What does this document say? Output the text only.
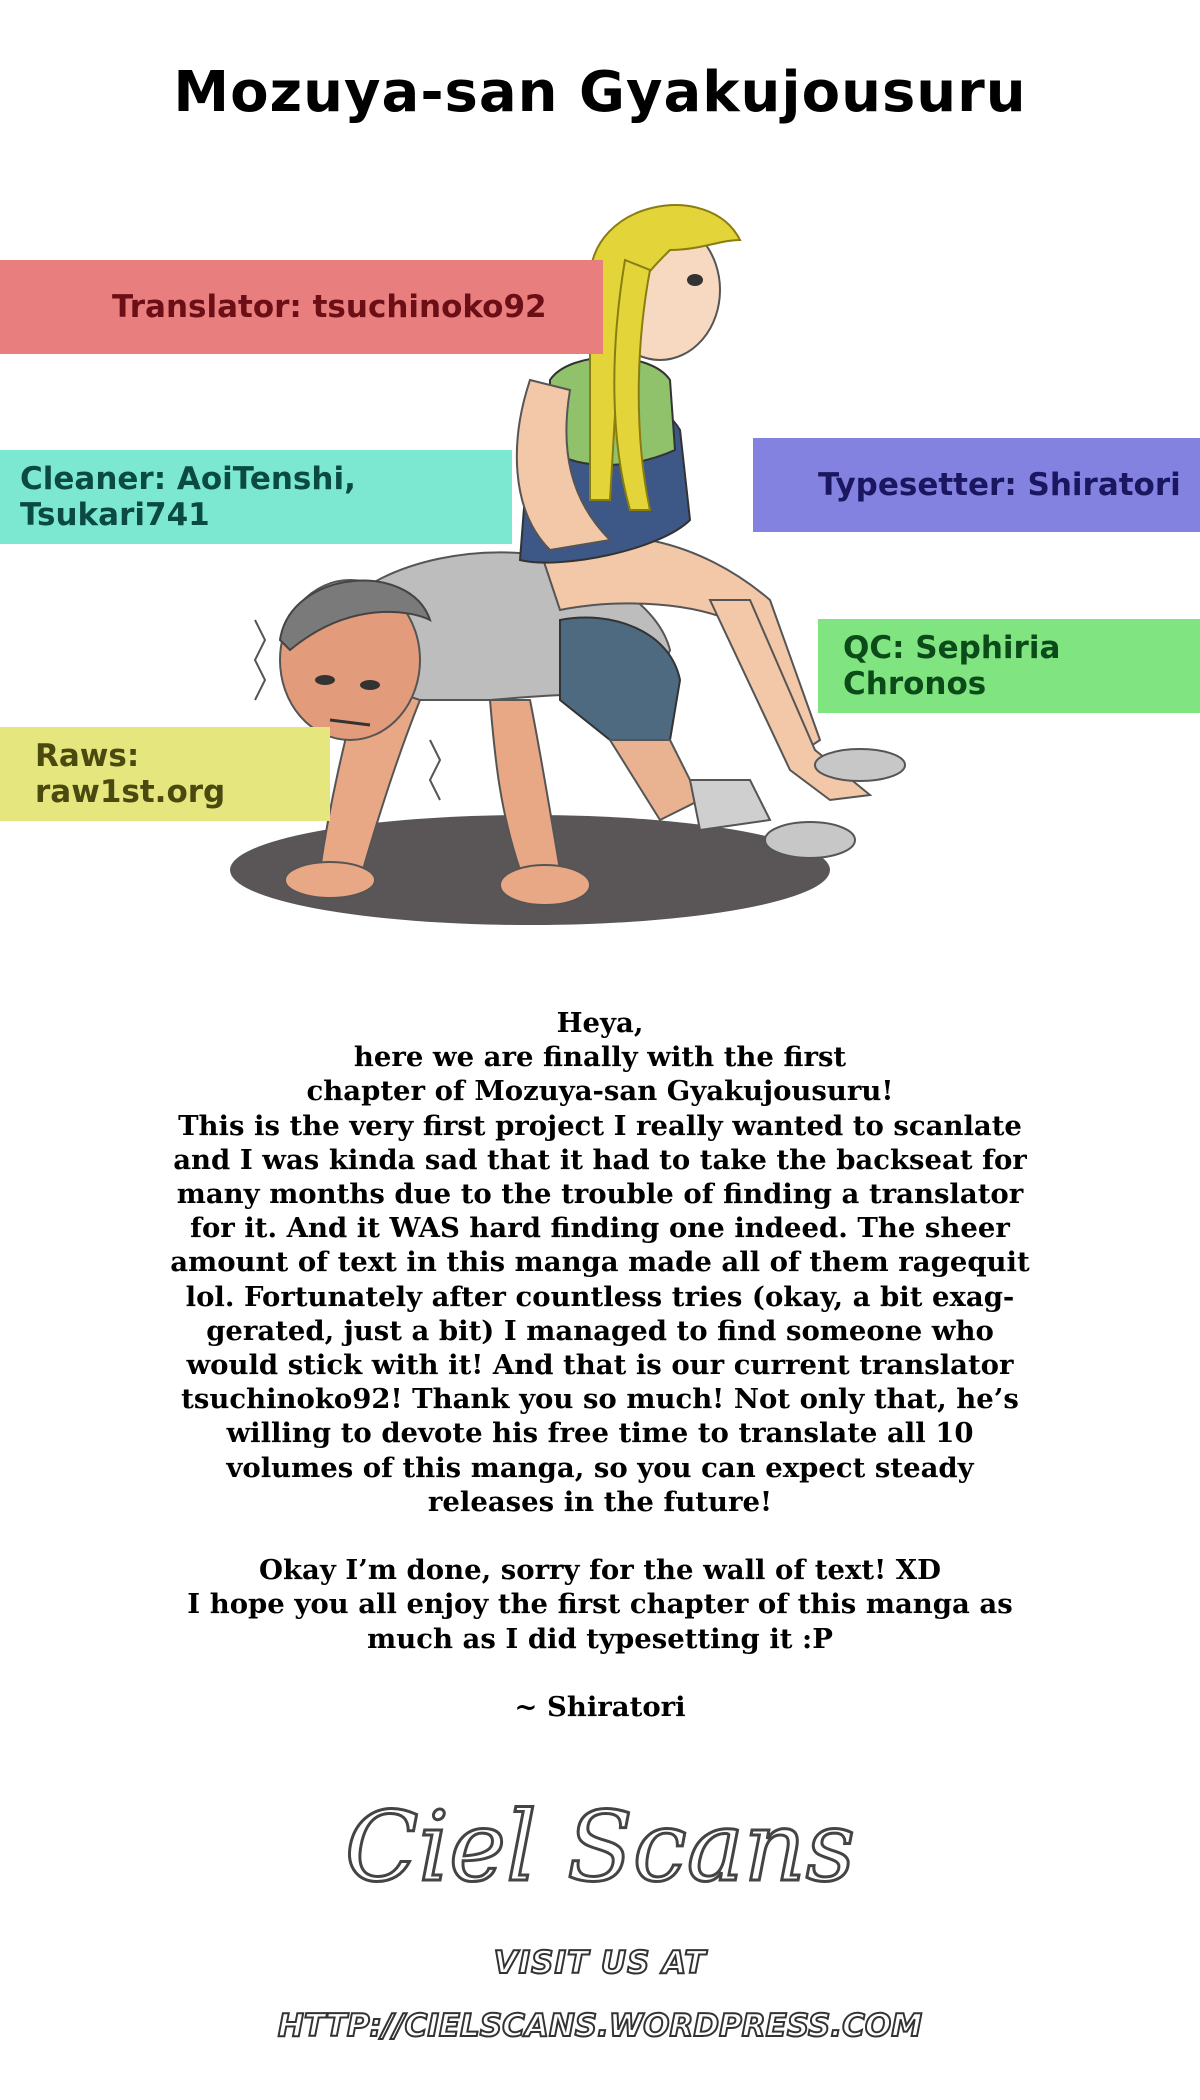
Mozuya-san Gyakujousuru
Translator: tsuchinoko92
Cleaner: AoiTenshi, Tsukari741
Typesetter: Shiratori
QC: Sephiria Chronos
Raws: raw1st.org
Heya,
here we are finally with the first
chapter of Mozuya-san Gyakujousuru!
This is the very first project I really wanted to scanlate
and I was kinda sad that it had to take the backseat for
many months due to the trouble of finding a translator
for it. And it WAS hard finding one indeed. The sheer
amount of text in this manga made all of them ragequit
lol. Fortunately after countless tries (okay, a bit exag-
gerated, just a bit) I managed to find someone who
would stick with it! And that is our current translator
tsuchinoko92! Thank you so much! Not only that, he’s
willing to devote his free time to translate all 10
volumes of this manga, so you can expect steady
releases in the future!
Okay I’m done, sorry for the wall of text! XD
I hope you all enjoy the first chapter of this manga as
much as I did typesetting it :P
~ Shiratori
Ciel Scans
VISIT US AT
HTTP://CIELSCANS.WORDPRESS.COM
